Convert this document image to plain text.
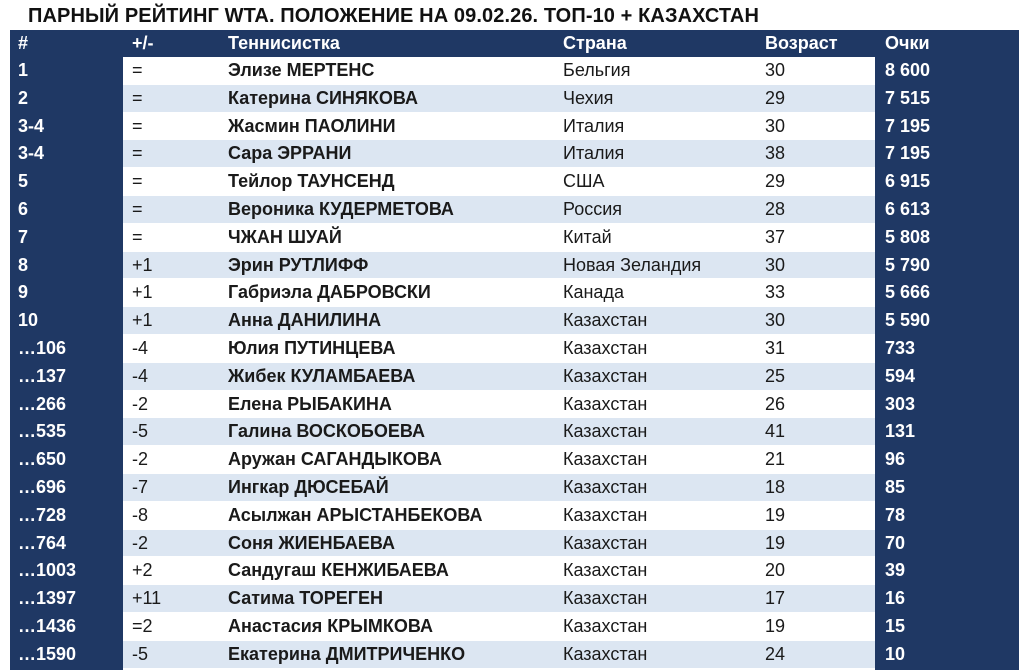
ПАРНЫЙ РЕЙТИНГ WTA. ПОЛОЖЕНИЕ НА 09.02.26. ТОП-10 + КАЗАХСТАН
#	+/-	Теннисистка	Страна	Возраст	Очки
1	=	Элизе МЕРТЕНС	Бельгия	30	8 600
2	=	Катерина СИНЯКОВА	Чехия	29	7 515
3-4	=	Жасмин ПАОЛИНИ	Италия	30	7 195
3-4	=	Сара ЭРРАНИ	Италия	38	7 195
5	=	Тейлор ТАУНСЕНД	США	29	6 915
6	=	Вероника КУДЕРМЕТОВА	Россия	28	6 613
7	=	ЧЖАН ШУАЙ	Китай	37	5 808
8	+1	Эрин РУТЛИФФ	Новая Зеландия	30	5 790
9	+1	Габриэла ДАБРОВСКИ	Канада	33	5 666
10	+1	Анна ДАНИЛИНА	Казахстан	30	5 590
…106	-4	Юлия ПУТИНЦЕВА	Казахстан	31	733
…137	-4	Жибек КУЛАМБАЕВА	Казахстан	25	594
…266	-2	Елена РЫБАКИНА	Казахстан	26	303
…535	-5	Галина ВОСКОБОЕВА	Казахстан	41	131
…650	-2	Аружан САГАНДЫКОВА	Казахстан	21	96
…696	-7	Ингкар ДЮСЕБАЙ	Казахстан	18	85
…728	-8	Асылжан АРЫСТАНБЕКОВА	Казахстан	19	78
…764	-2	Соня ЖИЕНБАЕВА	Казахстан	19	70
…1003	+2	Сандугаш КЕНЖИБАЕВА	Казахстан	20	39
…1397	+11	Сатима ТОРЕГЕН	Казахстан	17	16
…1436	=2	Анастасия КРЫМКОВА	Казахстан	19	15
…1590	-5	Екатерина ДМИТРИЧЕНКО	Казахстан	24	10
